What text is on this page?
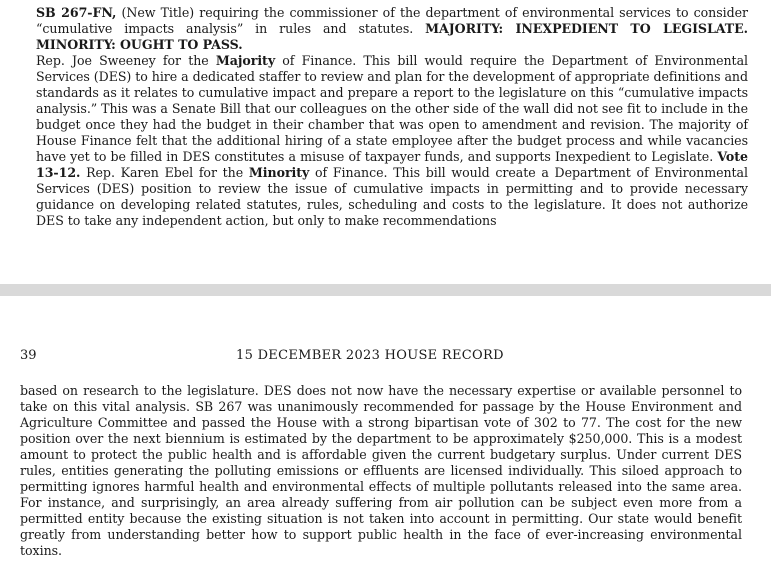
SB 267-FN, (New Title) requiring the commissioner of the department of environmental services to consider “cumulative impacts analysis” in rules and statutes. MAJORITY: INEXPEDIENT TO LEGISLATE. MINORITY: OUGHT TO PASS.
Rep. Joe Sweeney for the Majority of Finance. This bill would require the Department of Environmental Services (DES) to hire a dedicated staffer to review and plan for the development of appropriate definitions and standards as it relates to cumulative impact and prepare a report to the legislature on this “cumulative impacts analysis.” This was a Senate Bill that our colleagues on the other side of the wall did not see fit to include in the budget once they had the budget in their chamber that was open to amendment and revision. The majority of House Finance felt that the additional hiring of a state employee after the budget process and while vacancies have yet to be filled in DES constitutes a misuse of taxpayer funds, and supports Inexpedient to Legislate. Vote 13-12. Rep. Karen Ebel for the Minority of Finance. This bill would create a Department of Environmental Services (DES) position to review the issue of cumulative impacts in permitting and to provide necessary guidance on developing related statutes, rules, scheduling and costs to the legislature. It does not authorize DES to take any independent action, but only to make recommendations
39	15 DECEMBER 2023 HOUSE RECORD
based on research to the legislature. DES does not now have the necessary expertise or available personnel to take on this vital analysis. SB 267 was unanimously recommended for passage by the House Environment and Agriculture Committee and passed the House with a strong bipartisan vote of 302 to 77. The cost for the new position over the next biennium is estimated by the department to be approximately $250,000. This is a modest amount to protect the public health and is affordable given the current budgetary surplus. Under current DES rules, entities generating the polluting emissions or effluents are licensed individually. This siloed approach to permitting ignores harmful health and environmental effects of multiple pollutants released into the same area. For instance, and surprisingly, an area already suffering from air pollution can be subject even more from a permitted entity because the existing situation is not taken into account in permitting. Our state would benefit greatly from understanding better how to support public health in the face of ever-increasing environmental toxins.
